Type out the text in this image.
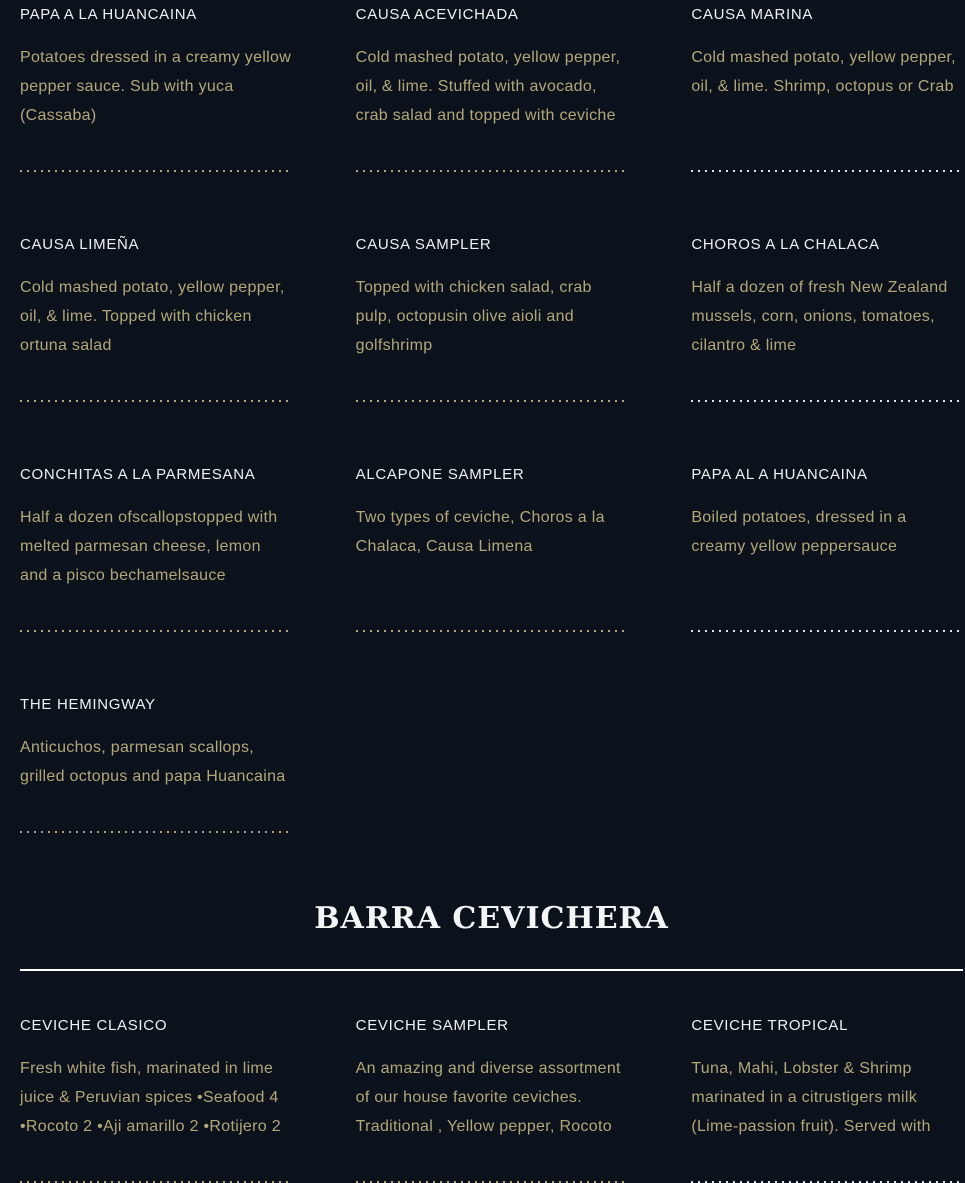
PAPA A LA HUANCAINA
Potatoes dressed in a creamy yellow pepper sauce. Sub with yuca (Cassaba)
CAUSA ACEVICHADA
Cold mashed potato, yellow pepper, oil, & lime. Stuffed with avocado, crab salad and topped with ceviche
CAUSA MARINA
Cold mashed potato, yellow pepper, oil, & lime. Shrimp, octopus or Crab
CAUSA LIMEÑA
Cold mashed potato, yellow pepper, oil, & lime. Topped with chicken ortuna salad
CAUSA SAMPLER
Topped with chicken salad, crab pulp, octopusin olive aioli and golfshrimp
CHOROS A LA CHALACA
Half a dozen of fresh New Zealand mussels, corn, onions, tomatoes, cilantro & lime
CONCHITAS A LA PARMESANA
Half a dozen ofscallopstopped with melted parmesan cheese, lemon and a pisco bechamelsauce
ALCAPONE SAMPLER
Two types of ceviche, Choros a la Chalaca, Causa Limena
PAPA AL A HUANCAINA
Boiled potatoes, dressed in a creamy yellow peppersauce
THE HEMINGWAY
Anticuchos, parmesan scallops, grilled octopus and papa Huancaina
BARRA CEVICHERA
CEVICHE CLASICO
Fresh white fish, marinated in lime juice & Peruvian spices •Seafood 4 •Rocoto 2 •Aji amarillo 2 •Rotijero 2
CEVICHE SAMPLER
An amazing and diverse assortment of our house favorite ceviches. Traditional , Yellow pepper, Rocoto
CEVICHE TROPICAL
Tuna, Mahi, Lobster & Shrimp marinated in a citrustigers milk (Lime-passion fruit). Served with
